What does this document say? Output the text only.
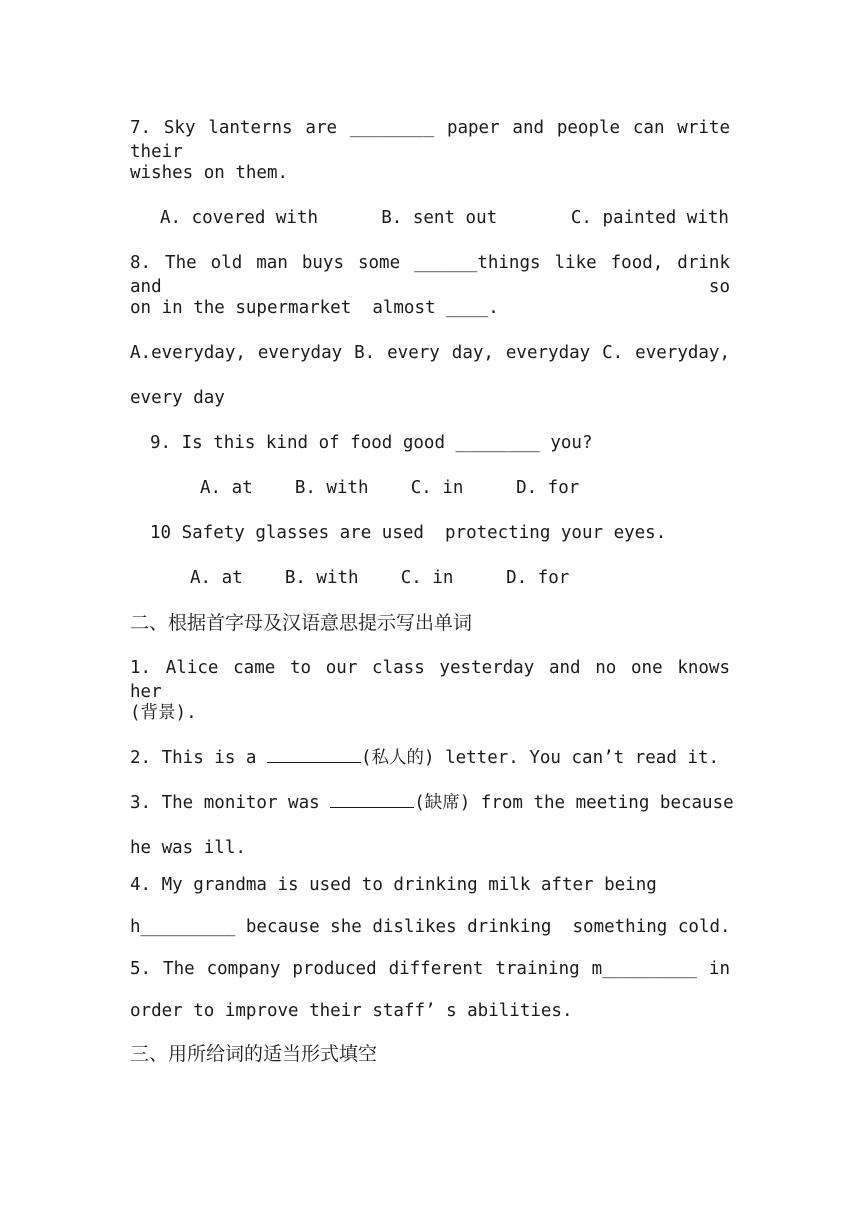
7. Sky lanterns are ________ paper and people can write their
wishes on them.
A. covered with      B. sent out       C. painted with
8. The old man buys some ______things like food, drink and so
on in the supermarket  almost ____.
A.everyday, everyday B. every day, everyday C. everyday,
every day
9. Is this kind of food good ________ you?
A. at    B. with    C. in     D. for
10 Safety glasses are used  protecting your eyes.
A. at    B. with    C. in     D. for
二、根据首字母及汉语意思提示写出单词
1. Alice came to our class yesterday and no one knows her
(背景).
2. This is a	(私人的) letter. You can’t read it.
3. The monitor was	(缺席) from the meeting because
he was ill.
4. My grandma is used to drinking milk after being
h_________ because she dislikes drinking  something cold.
5. The company produced different training m_________ in
order to improve their staff’ s abilities.
三、用所给词的适当形式填空
